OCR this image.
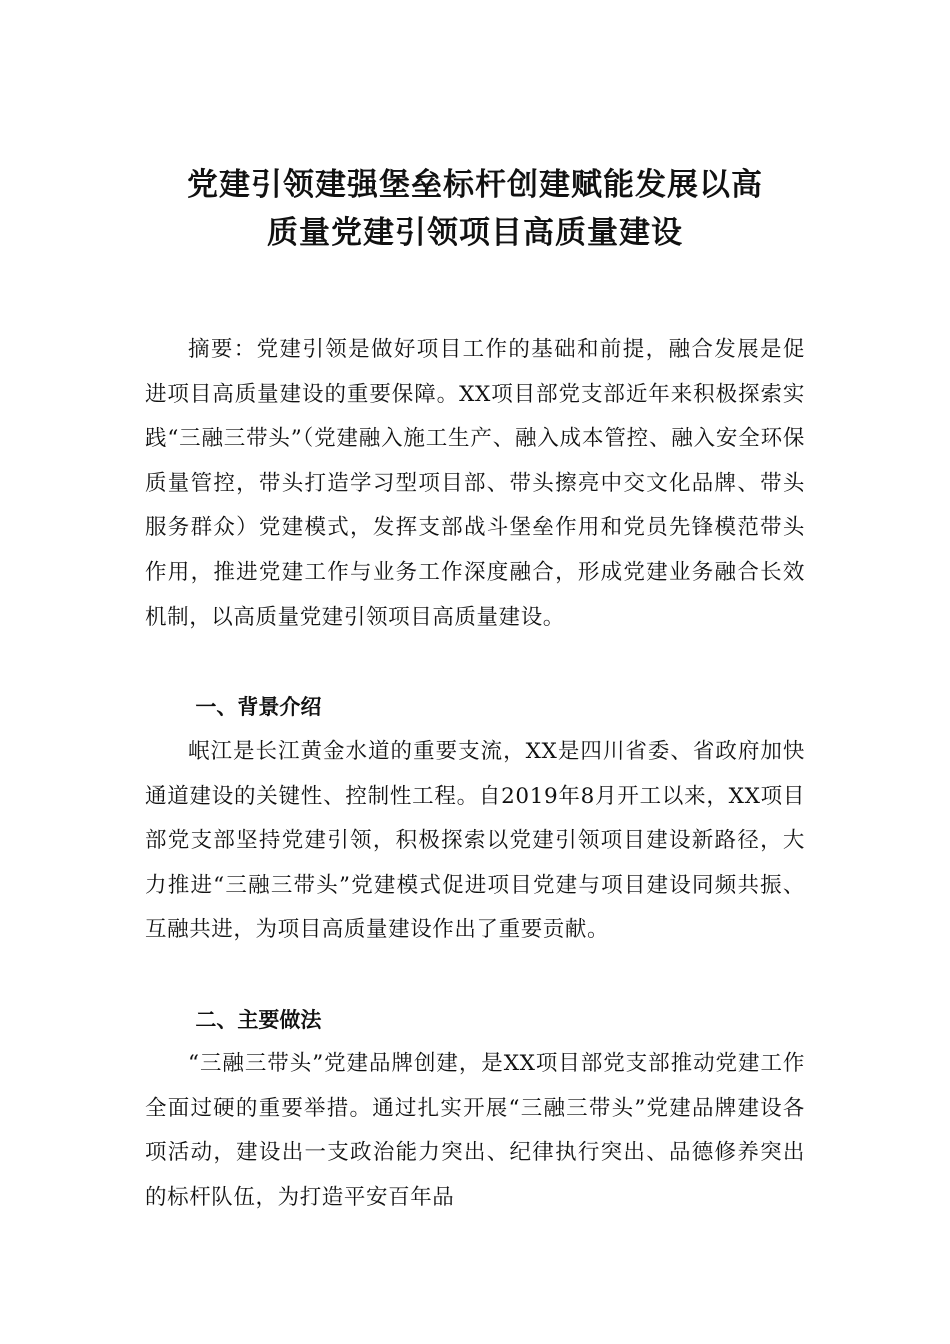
党建引领建强堡垒标杆创建赋能发展以高
质量党建引领项目高质量建设

摘要：党建引领是做好项目工作的基础和前提，融合发展是促进项目高质量建设的重要保障。XX项目部党支部近年来积极探索实践“三融三带头”（党建融入施工生产、融入成本管控、融入安全环保质量管控，带头打造学习型项目部、带头擦亮中交文化品牌、带头服务群众）党建模式，发挥支部战斗堡垒作用和党员先锋模范带头作用，推进党建工作与业务工作深度融合，形成党建业务融合长效机制，以高质量党建引领项目高质量建设。

一、背景介绍

岷江是长江黄金水道的重要支流，XX是四川省委、省政府加快通道建设的关键性、控制性工程。自2019年8月开工以来，XX项目部党支部坚持党建引领，积极探索以党建引领项目建设新路径，大力推进“三融三带头”党建模式促进项目党建与项目建设同频共振、互融共进，为项目高质量建设作出了重要贡献。

二、主要做法

“三融三带头”党建品牌创建，是XX项目部党支部推动党建工作全面过硬的重要举措。通过扎实开展“三融三带头”党建品牌建设各项活动，建设出一支政治能力突出、纪律执行突出、品德修养突出的标杆队伍，为打造平安百年品
